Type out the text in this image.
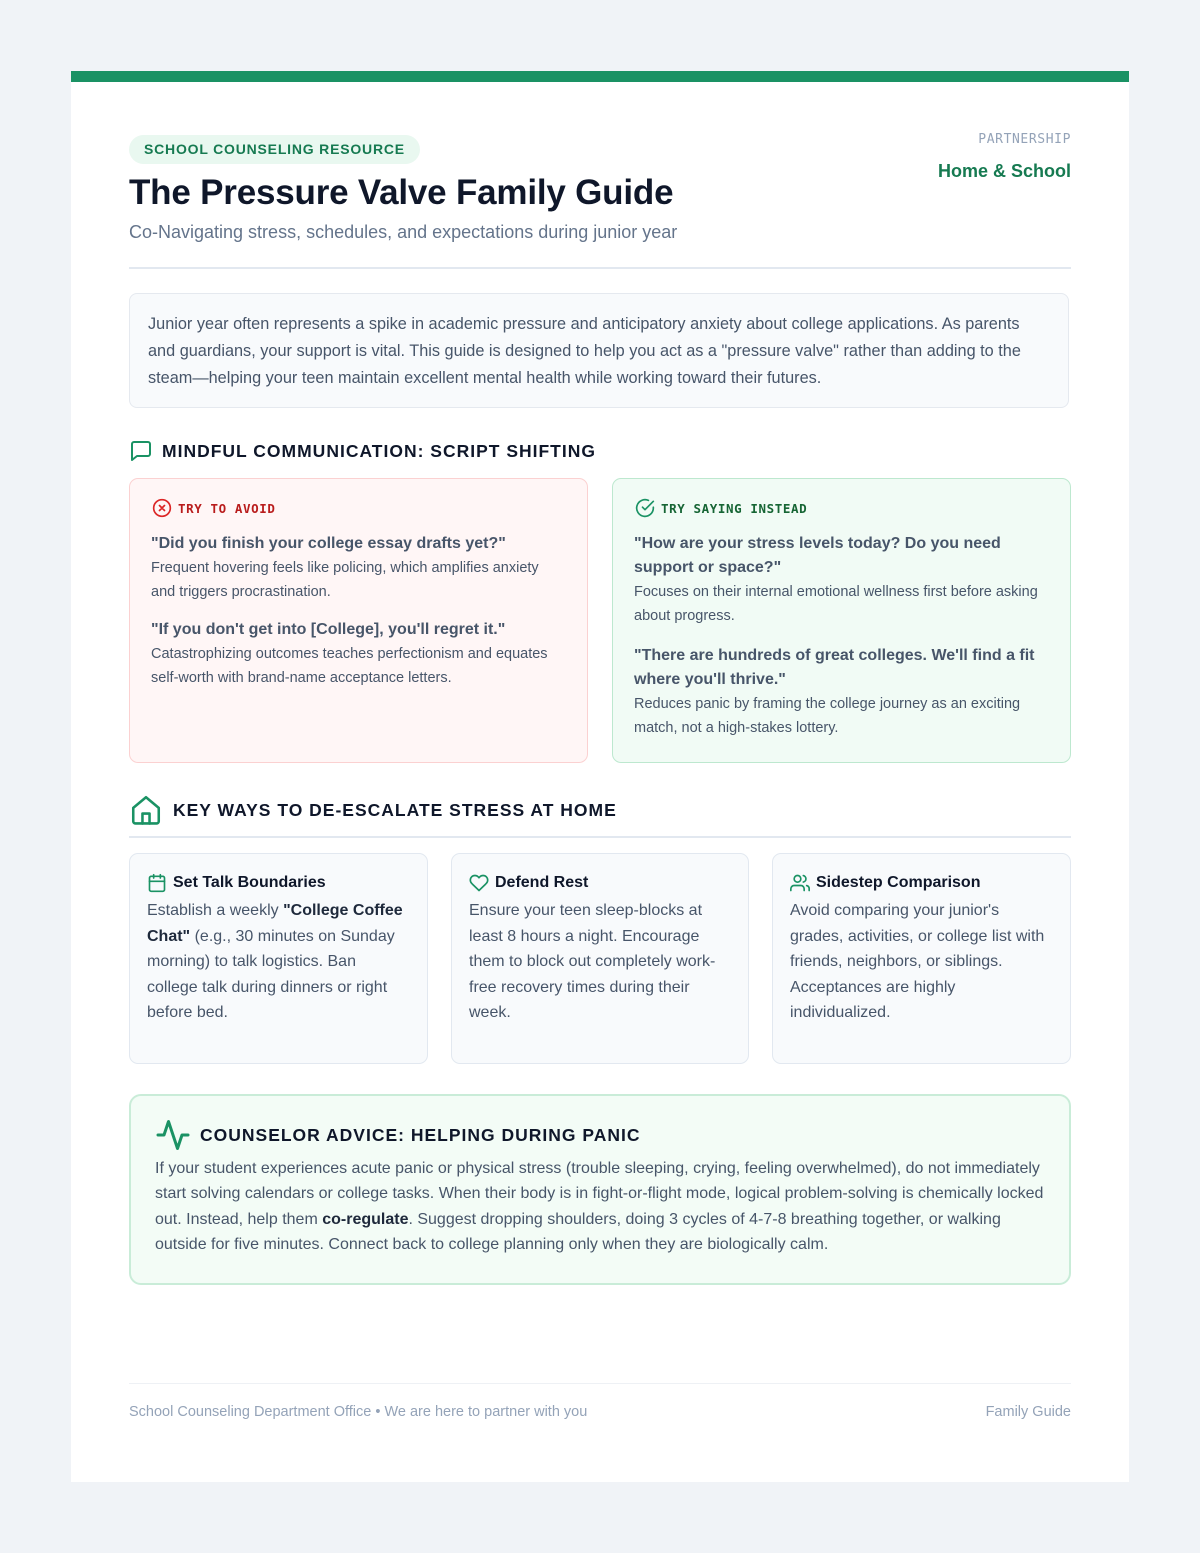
SCHOOL COUNSELING RESOURCE
The Pressure Valve Family Guide
Co-Navigating stress, schedules, and expectations during junior year
PARTNERSHIP
Home & School
Junior year often represents a spike in academic pressure and anticipatory anxiety about college applications. As parents and guardians, your support is vital. This guide is designed to help you act as a "pressure valve" rather than adding to the steam—helping your teen maintain excellent mental health while working toward their futures.
MINDFUL COMMUNICATION: SCRIPT SHIFTING
TRY TO AVOID
"Did you finish your college essay drafts yet?"
Frequent hovering feels like policing, which amplifies anxiety and triggers procrastination.
"If you don't get into [College], you'll regret it."
Catastrophizing outcomes teaches perfectionism and equates self-worth with brand-name acceptance letters.
TRY SAYING INSTEAD
"How are your stress levels today? Do you need support or space?"
Focuses on their internal emotional wellness first before asking about progress.
"There are hundreds of great colleges. We'll find a fit where you'll thrive."
Reduces panic by framing the college journey as an exciting match, not a high-stakes lottery.
KEY WAYS TO DE-ESCALATE STRESS AT HOME
Set Talk Boundaries
Establish a weekly "College Coffee Chat" (e.g., 30 minutes on Sunday morning) to talk logistics. Ban college talk during dinners or right before bed.
Defend Rest
Ensure your teen sleep-blocks at least 8 hours a night. Encourage them to block out completely work-free recovery times during their week.
Sidestep Comparison
Avoid comparing your junior's grades, activities, or college list with friends, neighbors, or siblings. Acceptances are highly individualized.
COUNSELOR ADVICE: HELPING DURING PANIC
If your student experiences acute panic or physical stress (trouble sleeping, crying, feeling overwhelmed), do not immediately start solving calendars or college tasks. When their body is in fight-or-flight mode, logical problem-solving is chemically locked out. Instead, help them co-regulate. Suggest dropping shoulders, doing 3 cycles of 4-7-8 breathing together, or walking outside for five minutes. Connect back to college planning only when they are biologically calm.
School Counseling Department Office • We are here to partner with you	Family Guide
